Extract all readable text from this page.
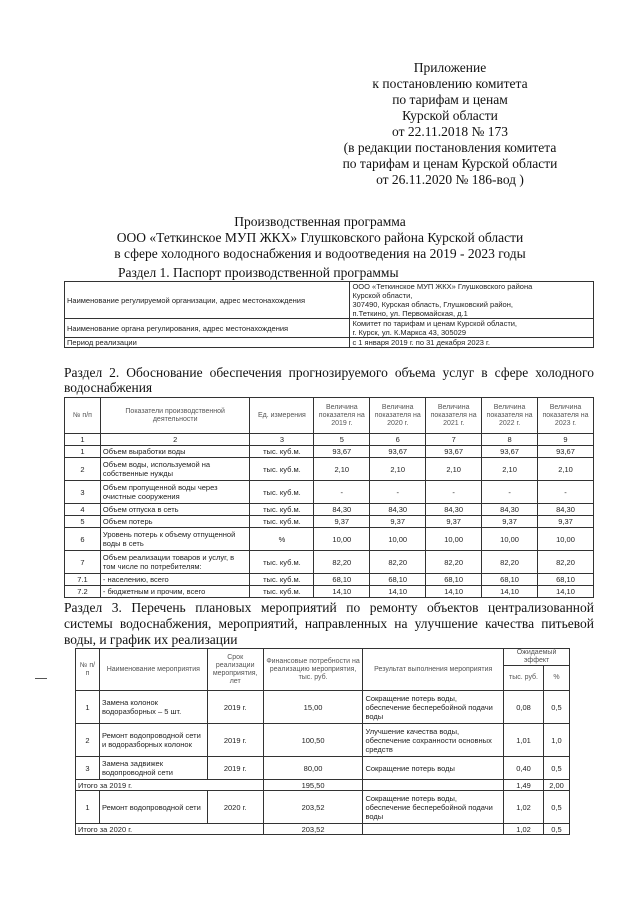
Приложение
к постановлению комитета
по тарифам и ценам
Курской области
от 22.11.2018 № 173
(в редакции постановления комитета
по тарифам и ценам Курской области
от 26.11.2020 № 186-вод )
Производственная программа
ООО «Теткинское МУП ЖКХ» Глушковского района Курской области
в сфере холодного водоснабжения и водоотведения на 2019 - 2023 годы
Раздел 1. Паспорт производственной программы
Наименование регулируемой организации, адрес местонахождения	ООО «Теткинское МУП ЖКХ» Глушковского района
Курской области,
307490, Курская область, Глушковский район,
п.Теткино, ул. Первомайская, д.1

Наименование органа регулирования, адрес местонахождения	Комитет по тарифам и ценам Курской области,
г. Курск, ул. К.Маркса 43, 305029

Период реализации	с 1 января 2019 г. по 31 декабря 2023 г.
Раздел 2. Обоснование обеспечения прогнозируемого объема услуг в сфере холодного водоснабжения
№ п/п	Показатели производственной деятельности	Ед. измерения	Величина показателя на 2019 г.	Величина показателя на 2020 г.	Величина показателя на 2021 г.	Величина показателя на 2022 г.	Величина показателя на 2023 г.
1	2	3	5	6	7	8	9
1	Объем выработки воды	тыс. куб.м.	93,67	93,67	93,67	93,67	93,67
2	Объем воды, используемой на собственные нужды	тыс. куб.м.	2,10	2,10	2,10	2,10	2,10
3	Объем пропущенной воды через очистные сооружения	тыс. куб.м.	-	-	-	-	-
4	Объем отпуска в сеть	тыс. куб.м.	84,30	84,30	84,30	84,30	84,30
5	Объем потерь	тыс. куб.м.	9,37	9,37	9,37	9,37	9,37
6	Уровень потерь к объему отпущенной воды в сеть	%	10,00	10,00	10,00	10,00	10,00
7	Объем реализации товаров и услуг, в том числе по потребителям:	тыс. куб.м.	82,20	82,20	82,20	82,20	82,20
7.1	- населению, всего	тыс. куб.м.	68,10	68,10	68,10	68,10	68,10
7.2	- бюджетным и прочим, всего	тыс. куб.м.	14,10	14,10	14,10	14,10	14,10
Раздел 3. Перечень плановых мероприятий по ремонту объектов централизованной системы водоснабжения, мероприятий, направленных на улучшение качества питьевой воды, и график их реализации
№ п/ п	Наименование мероприятия	Срок реализации мероприятия, лет	Финансовые потребности на реализацию мероприятия, тыс. руб.	Результат выполнения мероприятия	Ожидаемый эффект	
					тыс. руб.	%
1	Замена колонок водоразборных – 5 шт.	2019 г.	15,00	Сокращение потерь воды, обеспечение бесперебойной подачи воды	0,08	0,5
2	Ремонт водопроводной сети и водоразборных колонок	2019 г.	100,50	Улучшение качества воды, обеспечение сохранности основных средств	1,01	1,0
3	Замена задвижек водопроводной сети	2019 г.	80,00	Сокращение потерь воды	0,40	0,5
Итого за 2019 г.			195,50		1,49	2,00
1	Ремонт водопроводной сети	2020 г.	203,52	Сокращение потерь воды, обеспечение бесперебойной подачи воды	1,02	0,5
Итого за 2020 г.			203,52		1,02	0,5
